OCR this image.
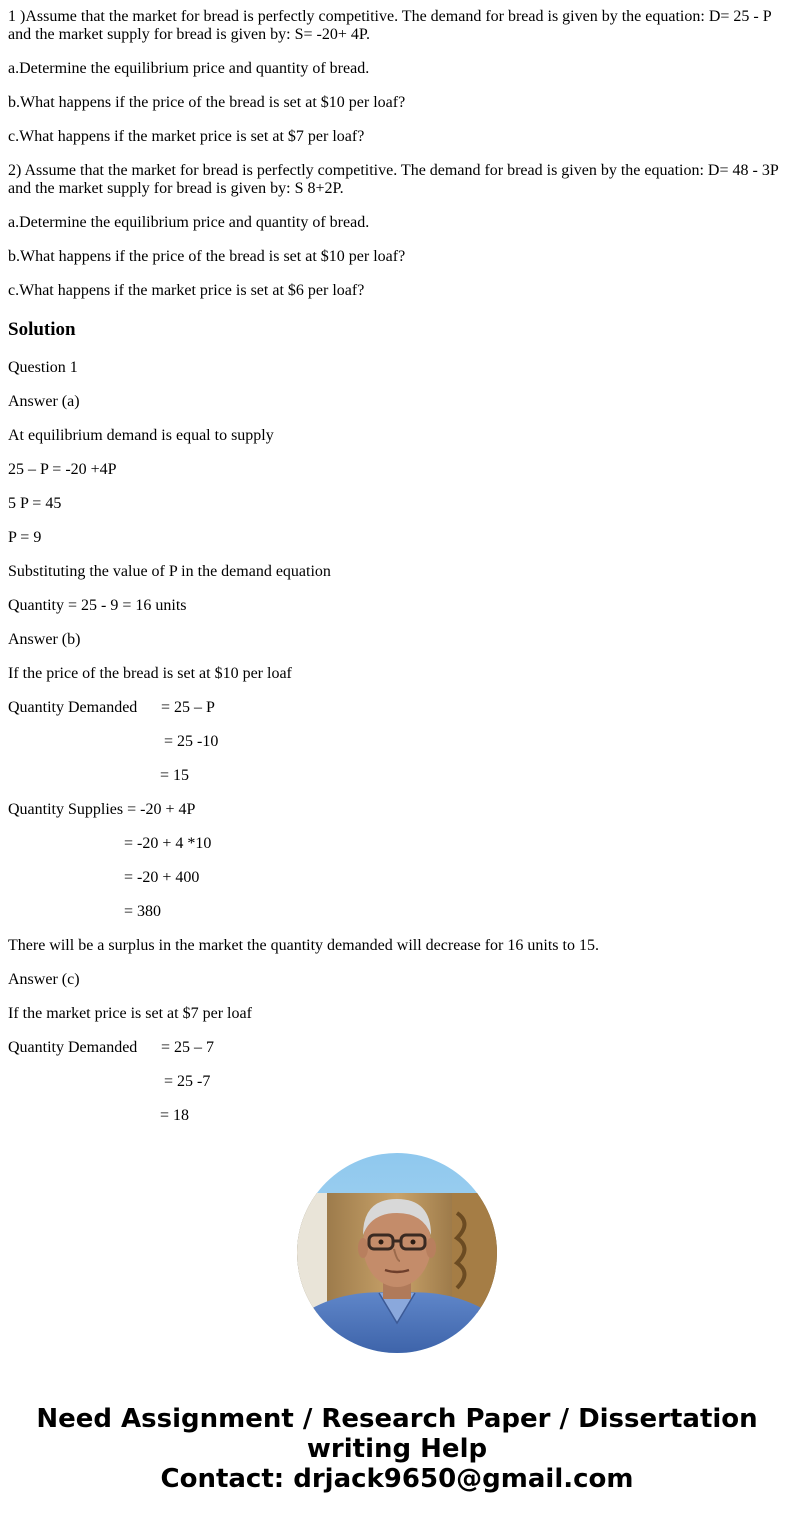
1 )Assume that the market for bread is perfectly competitive. The demand for bread is given by the equation: D= 25 - P and the market supply for bread is given by: S= -20+ 4P.

a.Determine the equilibrium price and quantity of bread.

b.What happens if the price of the bread is set at $10 per loaf?

c.What happens if the market price is set at $7 per loaf?

2) Assume that the market for bread is perfectly competitive. The demand for bread is given by the equation: D= 48 - 3P and the market supply for bread is given by: S 8+2P.

a.Determine the equilibrium price and quantity of bread.

b.What happens if the price of the bread is set at $10 per loaf?

c.What happens if the market price is set at $6 per loaf?

Solution

Question 1

Answer (a)

At equilibrium demand is equal to supply

25 – P = -20 +4P

5 P = 45

P = 9

Substituting the value of P in the demand equation

Quantity = 25 - 9 = 16 units

Answer (b)

If the price of the bread is set at $10 per loaf

Quantity Demanded = 25 – P

= 25 -10

= 15

Quantity Supplies = -20 + 4P

= -20 + 4 *10

= -20 + 400

= 380

There will be a surplus in the market the quantity demanded will decrease for 16 units to 15.

Answer (c)

If the market price is set at $7 per loaf

Quantity Demanded = 25 – 7

= 25 -7

= 18

Need Assignment / Research Paper / Dissertation
writing Help
Contact: drjack9650@gmail.com
